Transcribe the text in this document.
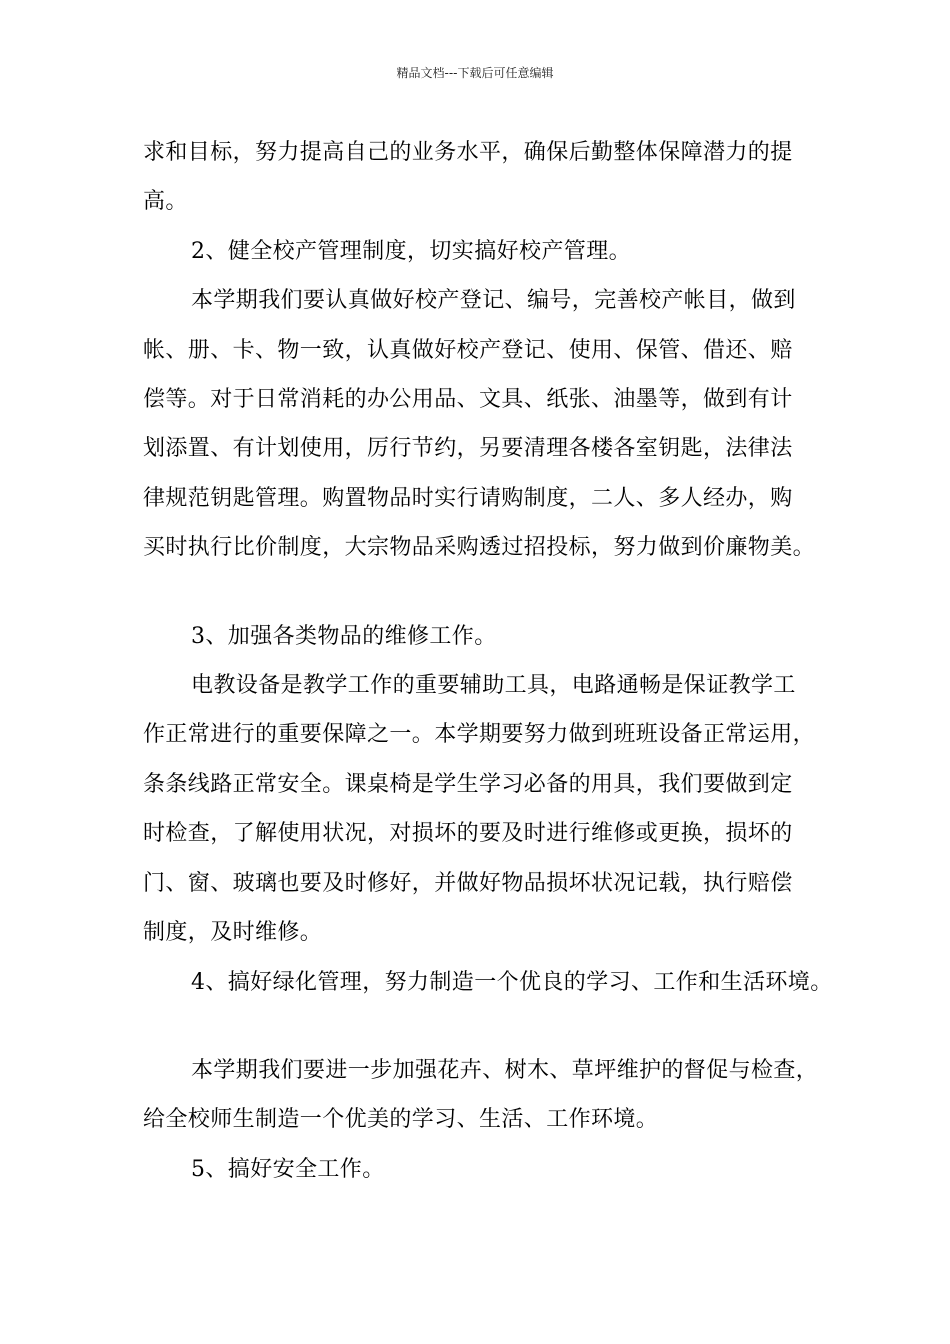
精品文档---下载后可任意编辑

求和目标，努力提高自己的业务水平，确保后勤整体保障潜力的提

高。

2、健全校产管理制度，切实搞好校产管理。

本学期我们要认真做好校产登记、编号，完善校产帐目，做到

帐、册、卡、物一致，认真做好校产登记、使用、保管、借还、赔

偿等。对于日常消耗的办公用品、文具、纸张、油墨等，做到有计

划添置、有计划使用，厉行节约，另要清理各楼各室钥匙，法律法

律规范钥匙管理。购置物品时实行请购制度，二人、多人经办，购

买时执行比价制度，大宗物品采购透过招投标，努力做到价廉物美。

3、加强各类物品的维修工作。

电教设备是教学工作的重要辅助工具，电路通畅是保证教学工

作正常进行的重要保障之一。本学期要努力做到班班设备正常运用，

条条线路正常安全。课桌椅是学生学习必备的用具，我们要做到定

时检查，了解使用状况，对损坏的要及时进行维修或更换，损坏的

门、窗、玻璃也要及时修好，并做好物品损坏状况记载，执行赔偿

制度，及时维修。

4、搞好绿化管理，努力制造一个优良的学习、工作和生活环境。

本学期我们要进一步加强花卉、树木、草坪维护的督促与检查，

给全校师生制造一个优美的学习、生活、工作环境。

5、搞好安全工作。
